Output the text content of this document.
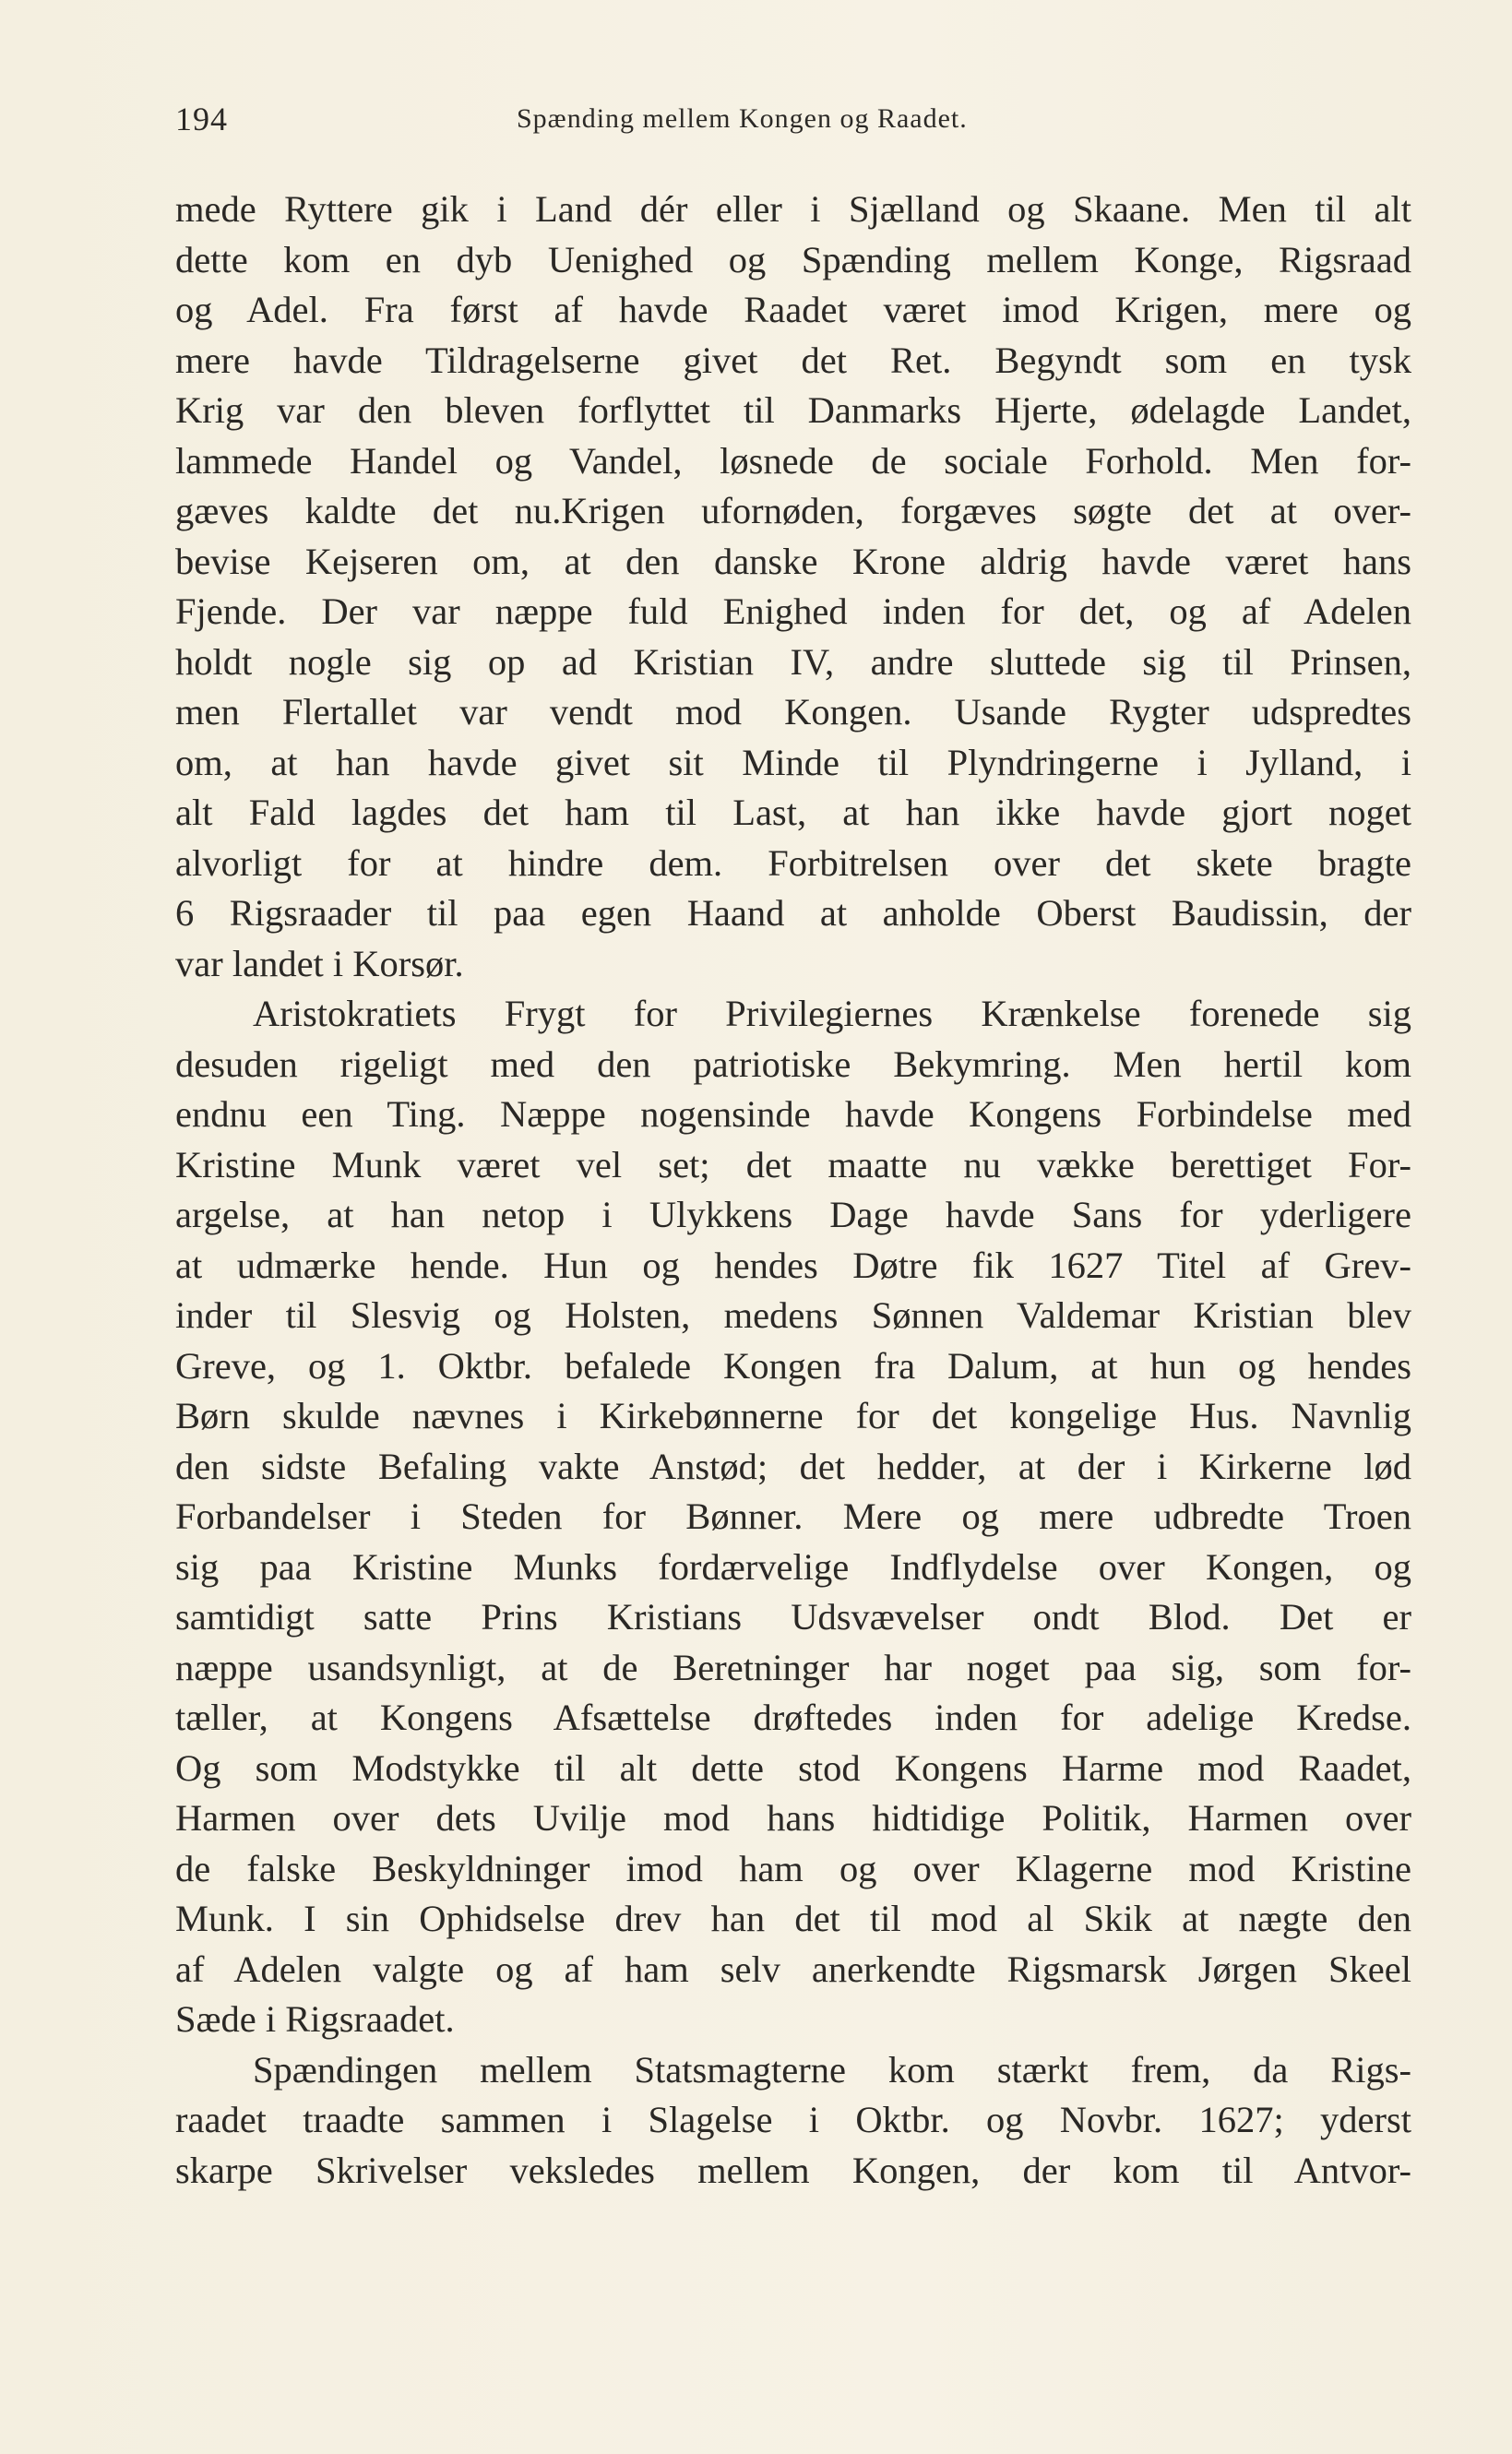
194	Spænding mellem Kongen og Raadet.
mede Ryttere gik i Land dér eller i Sjælland og Skaane. Men til alt
dette kom en dyb Uenighed og Spænding mellem Konge, Rigsraad
og Adel. Fra først af havde Raadet været imod Krigen, mere og
mere havde Tildragelserne givet det Ret. Begyndt som en tysk
Krig var den bleven forflyttet til Danmarks Hjerte, ødelagde Landet,
lammede Handel og Vandel, løsnede de sociale Forhold. Men for-
gæves kaldte det nu.Krigen ufornøden, forgæves søgte det at over-
bevise Kejseren om, at den danske Krone aldrig havde været hans
Fjende. Der var næppe fuld Enighed inden for det, og af Adelen
holdt nogle sig op ad Kristian IV, andre sluttede sig til Prinsen,
men Flertallet var vendt mod Kongen. Usande Rygter udspredtes
om, at han havde givet sit Minde til Plyndringerne i Jylland, i
alt Fald lagdes det ham til Last, at han ikke havde gjort noget
alvorligt for at hindre dem. Forbitrelsen over det skete bragte
6 Rigsraader til paa egen Haand at anholde Oberst Baudissin, der
var landet i Korsør.
Aristokratiets Frygt for Privilegiernes Krænkelse forenede sig
desuden rigeligt med den patriotiske Bekymring. Men hertil kom
endnu een Ting. Næppe nogensinde havde Kongens Forbindelse med
Kristine Munk været vel set; det maatte nu vække berettiget For-
argelse, at han netop i Ulykkens Dage havde Sans for yderligere
at udmærke hende. Hun og hendes Døtre fik 1627 Titel af Grev-
inder til Slesvig og Holsten, medens Sønnen Valdemar Kristian blev
Greve, og 1. Oktbr. befalede Kongen fra Dalum, at hun og hendes
Børn skulde nævnes i Kirkebønnerne for det kongelige Hus. Navnlig
den sidste Befaling vakte Anstød; det hedder, at der i Kirkerne lød
Forbandelser i Steden for Bønner. Mere og mere udbredte Troen
sig paa Kristine Munks fordærvelige Indflydelse over Kongen, og
samtidigt satte Prins Kristians Udsvævelser ondt Blod. Det er
næppe usandsynligt, at de Beretninger har noget paa sig, som for-
tæller, at Kongens Afsættelse drøftedes inden for adelige Kredse.
Og som Modstykke til alt dette stod Kongens Harme mod Raadet,
Harmen over dets Uvilje mod hans hidtidige Politik, Harmen over
de falske Beskyldninger imod ham og over Klagerne mod Kristine
Munk. I sin Ophidselse drev han det til mod al Skik at nægte den
af Adelen valgte og af ham selv anerkendte Rigsmarsk Jørgen Skeel
Sæde i Rigsraadet.
Spændingen mellem Statsmagterne kom stærkt frem, da Rigs-
raadet traadte sammen i Slagelse i Oktbr. og Novbr. 1627; yderst
skarpe Skrivelser veksledes mellem Kongen, der kom til Antvor-
